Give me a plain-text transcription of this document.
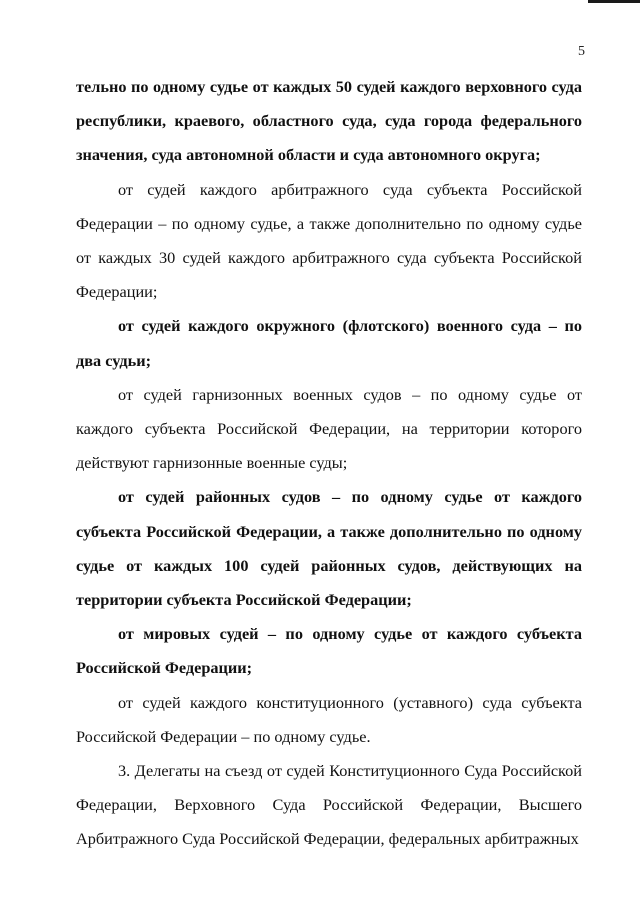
5

тельно по одному судье от каждых 50 судей каждого верховного суда республики, краевого, областного суда, суда города федерального значения, суда автономной области и суда автономного округа;

от судей каждого арбитражного суда субъекта Российской Федерации – по одному судье, а также дополнительно по одному судье от каждых 30 судей каждого арбитражного суда субъекта Российской Федерации;

от судей каждого окружного (флотского) военного суда – по два судьи;

от судей гарнизонных военных судов – по одному судье от каждого субъекта Российской Федерации, на территории которого действуют гарнизонные военные суды;

от судей районных судов – по одному судье от каждого субъекта Российской Федерации, а также дополнительно по одному судье от каждых 100 судей районных судов, действующих на территории субъекта Российской Федерации;

от мировых судей – по одному судье от каждого субъекта Российской Федерации;

от судей каждого конституционного (уставного) суда субъекта Российской Федерации – по одному судье.

3. Делегаты на съезд от судей Конституционного Суда Российской Федерации, Верховного Суда Российской Федерации, Высшего Арбитражного Суда Российской Федерации, федеральных арбитражных
